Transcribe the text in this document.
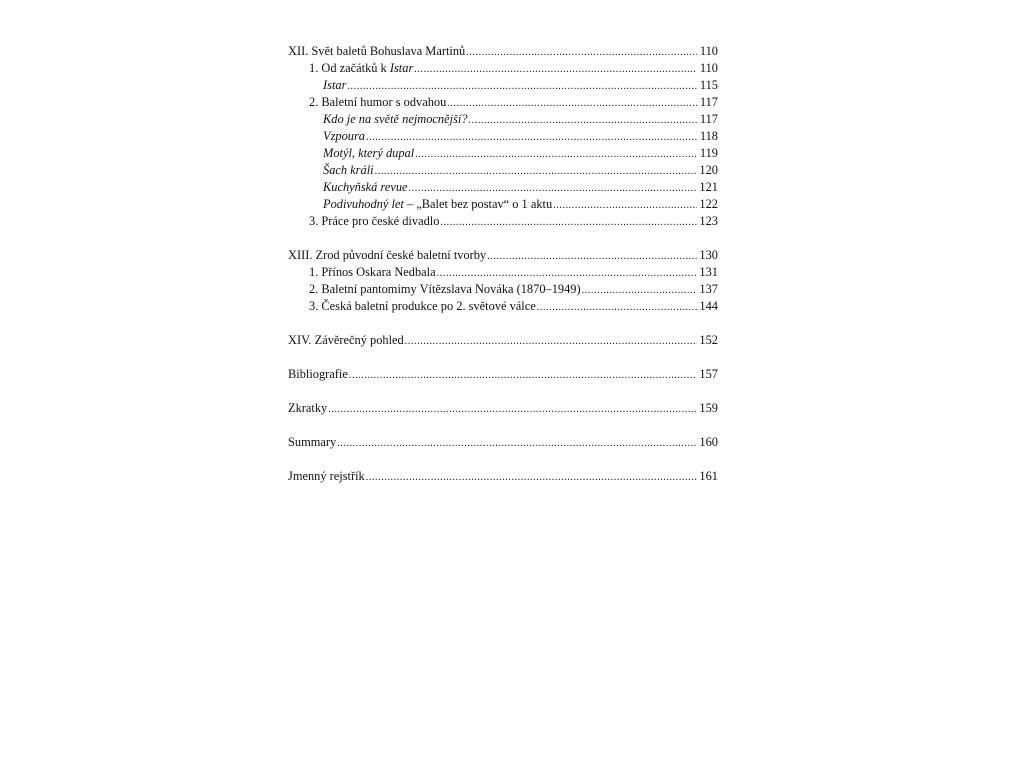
XII. Svět baletů Bohuslava Martinů .....	110
1. Od začátků k Istar .....	110
Istar .....	115
2. Baletní humor s odvahou .....	117
Kdo je na světě nejmocnější? .....	117
Vzpoura .....	118
Motýl, který dupal .....	119
Šach králi .....	120
Kuchyňská revue .....	121
Podivuhodný let – „Balet bez postav“ o 1 aktu .....	122
3. Práce pro české divadlo .....	123
XIII. Zrod původní české baletní tvorby .....	130
1. Přínos Oskara Nedbala .....	131
2. Baletní pantomimy Vítězslava Nováka (1870–1949) .....	137
3. Česká baletní produkce po 2. světové válce .....	144
XIV. Závěrečný pohled .....	152
Bibliografie .....	157
Zkratky .....	159
Summary .....	160
Jmenný rejstřík .....	161
